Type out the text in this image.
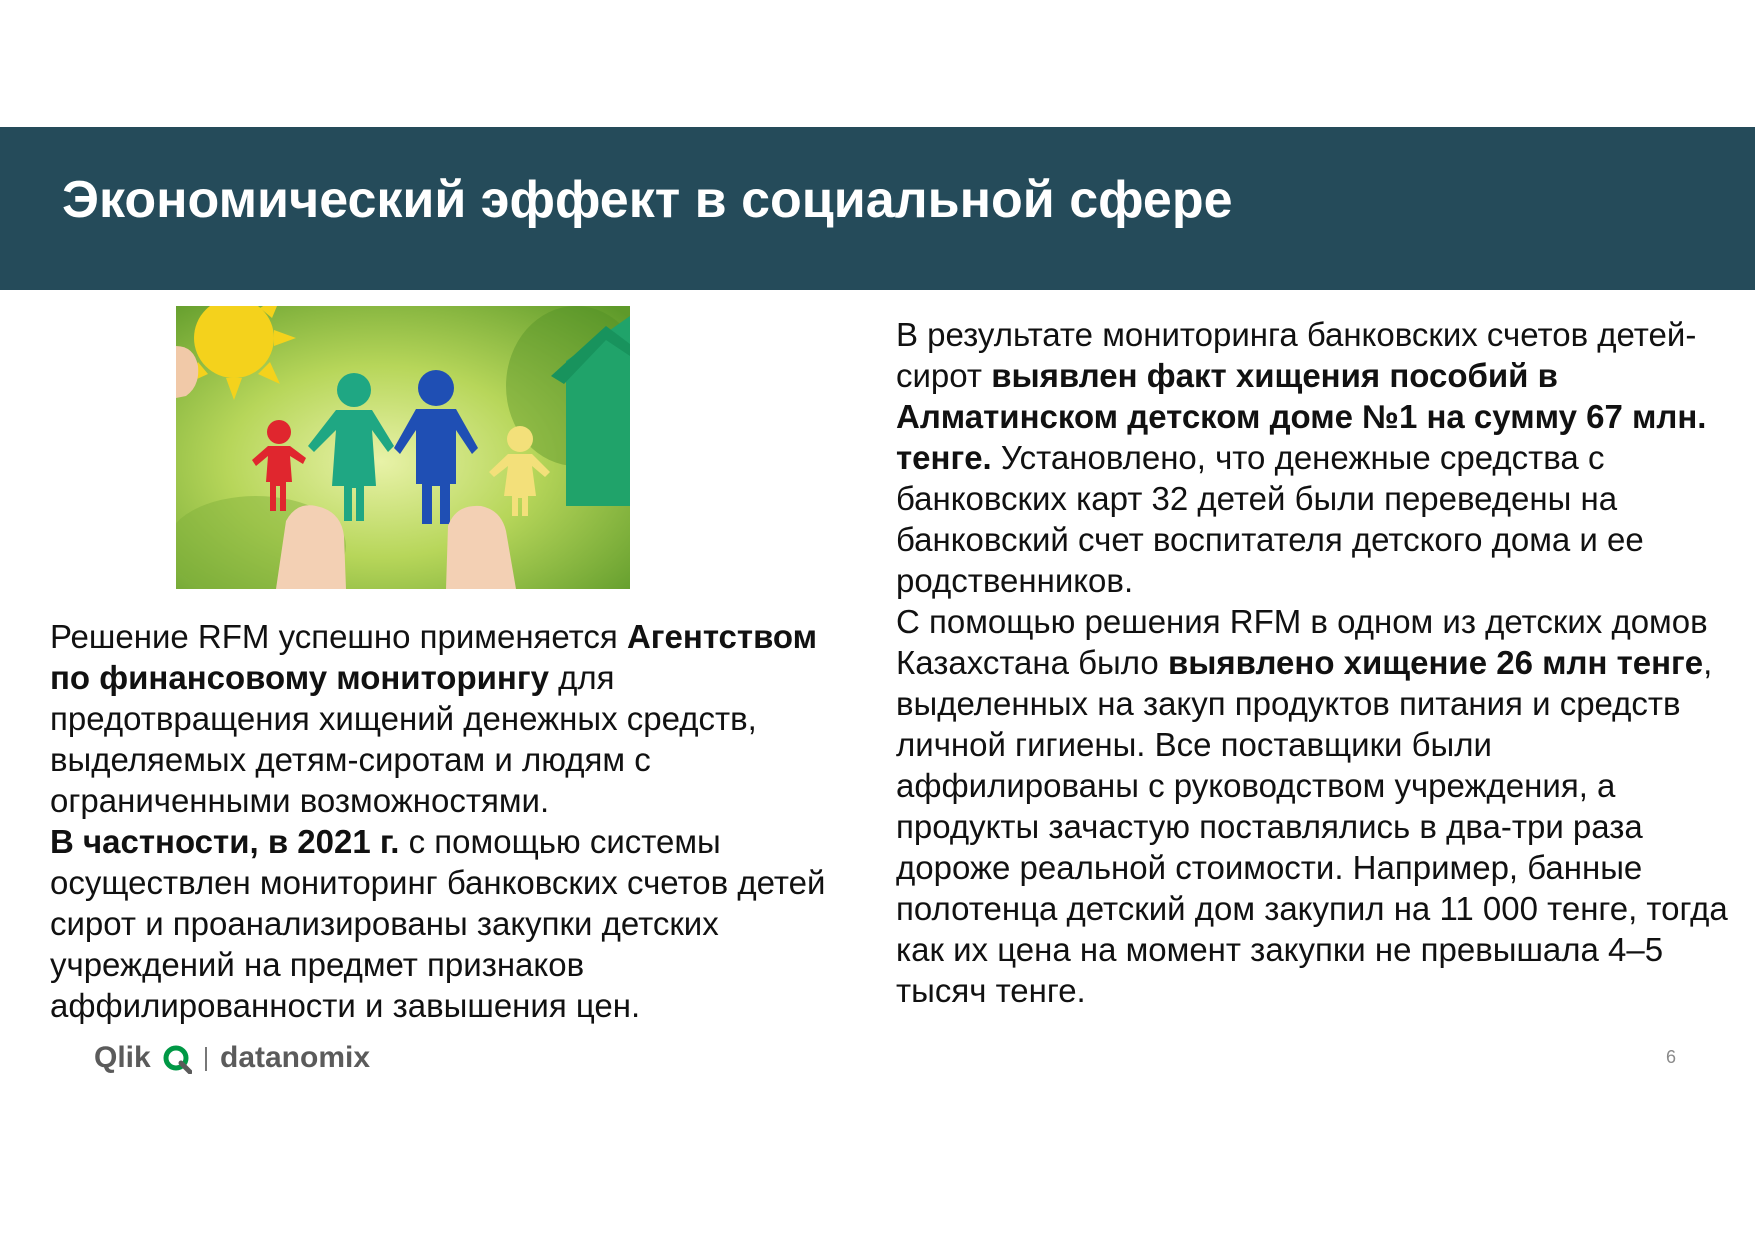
Экономический эффект в социальной сфере

Решение RFM успешно применяется Агентством по финансовому мониторингу для предотвращения хищений денежных средств, выделяемых детям-сиротам и людям с ограниченными возможностями.

В частности, в 2021 г. с помощью системы осуществлен мониторинг банковских счетов детей сирот и проанализированы закупки детских учреждений на предмет признаков аффилированности и завышения цен.

В результате мониторинга банковских счетов детей-сирот выявлен факт хищения пособий в Алматинском детском доме №1 на сумму 67 млн. тенге. Установлено, что денежные средства с банковских карт 32 детей были переведены на банковский счет воспитателя детского дома и ее родственников.

С помощью решения RFM в одном из детских домов Казахстана было выявлено хищение 26 млн тенге, выделенных на закуп продуктов питания и средств личной гигиены. Все поставщики были аффилированы с руководством учреждения, а продукты зачастую поставлялись в два-три раза дороже реальной стоимости. Например, банные полотенца детский дом закупил на 11 000 тенге, тогда как их цена на момент закупки не превышала 4–5 тысяч тенге.

Qlik datanomix	6
